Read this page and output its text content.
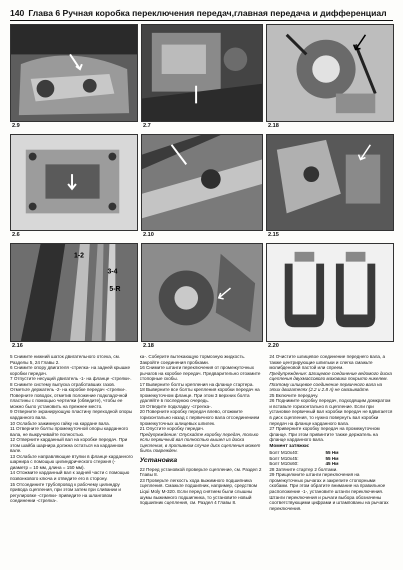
140 Глава 6 Ручная коробка переключения передач,главная передача и дифференциал
2.9	2.7	2.18
2.6	2.10	2.15
1-2
3-4
5-R
2.16	2.18	2.20

5 Снимите нижний шаток двигательного отсека, см. Разделы 5, 24 Главы 2.

6 Снимите опору двигателя -стрелка- на задней крышке коробки передач.

7 Отпустите несущий двигатель -1- на фланце -стрелки-.

8 Снимите систему выпуска отработавших газов. Отметьте держатель -2- на коробке передач -стрелки-. Поверните поводок, отметив положение подкладочной пластины с помощью чертилки (обведите), чтобы ее можно было установить на прежнее место.

9 Отверните экранирующую пластину переходной опоры карданного вала.

10 Ослабьте зажимную гайку на кардане вала.

11 Отверните болты промежуточной опоры карданного вала, не выкручивайте полностью.

12 Отверните карданный вал на коробке передач. При этом шайба шарнира должна остаться на карданном вале.

13 Ослабьте направляющие втулки в фланце карданного шарнира с помощью цилиндрического стержня (- диаметр = 10 мм, длина = 150 мм).

14 Отожмите карданный вал к задней части с помощью позвонкового ключа и отведите его в сторону.

15 Отсоедините трубопровод к рабочему цилиндру привода сцепления, при этом затем при сливании и регулировке -стрелки- приведите на шланговом соединении -стрелка-.

ка-. Соберите вытекающую тормозную жидкость. Закройте соединения пробками.

16 Снимите штанги переключения от промежуточных рычагов на коробке передач. Предварительно отожмите стопорные скобы.

17 Выверните болты крепления на фланце стартера.

18 Выверните все болты крепления коробки передач на промежуточном фланце. При этом 3 верхних болта удаляйте в последнюю очередь.

19 Отведите подкладку -стрелка-.

20 Поверните коробку передач влево, отожмите горизонтально назад с первичного вала отсоединением промежуточных шлицевых шпилек.

21 Опустите коробку передач.

Предупреждение: Опускайте коробку передач, только если первичный вал полностью вышел из диска сцепления, в противном случае диск сцепления может быть поврежден.

Установка

22 Перед установкой проверьте сцепление, см. Раздел 2 Главы 8.

23 Проверьте легкость хода выжимного подшипника сцепления. Смажьте подшипник, например, средством Liqui Moly M-320. Если перед снятием были слышны шумы выжимного подшипника, то установите новый подшипник сцепления, см. Раздел 4 Главы 8.

24 Очистите шлицевое соединение переднего вала, а также центрирующие шпильки и слегка смажьте молибденовой пастой или спреем.

Предупреждение: Шлицевое соединение ведомого диска сцепления двухмассового маховика покрыто никелем. Поэтому шлицевое соединение первичного вала на этих двигателях (2.2 и 2.8 л) не смазывайте.

25 Включите передачу.

26 Поднимите коробку передач, подходящим домкратом и вставьте горизонтально в сцепление. Если при установке первичный вал коробки передач не вдвигается в диск сцепления, то нужно повернуть вал коробки передач на фланце карданного вала.

27 Приверните коробку передач на промежуточном фланце. При этом привинтите также держатель на фланце карданного вала.

Момент затяжки:
Болт М10х40:	55 Нм
Болт М10х45:	55 Нм
Болт М10х60:	45 Нм

28 Затяните стартер 2 болтами.

29 Прищелкните штанги переключения на промежуточных рычагах и закрепите стопорными скобами. При этом обратите внимание на правильное расположение -1-, установите штанги переключения. Штанги переключения и рычаги выбора обозначены соответствующими цифрами и штампованы на рычагах переключения.
